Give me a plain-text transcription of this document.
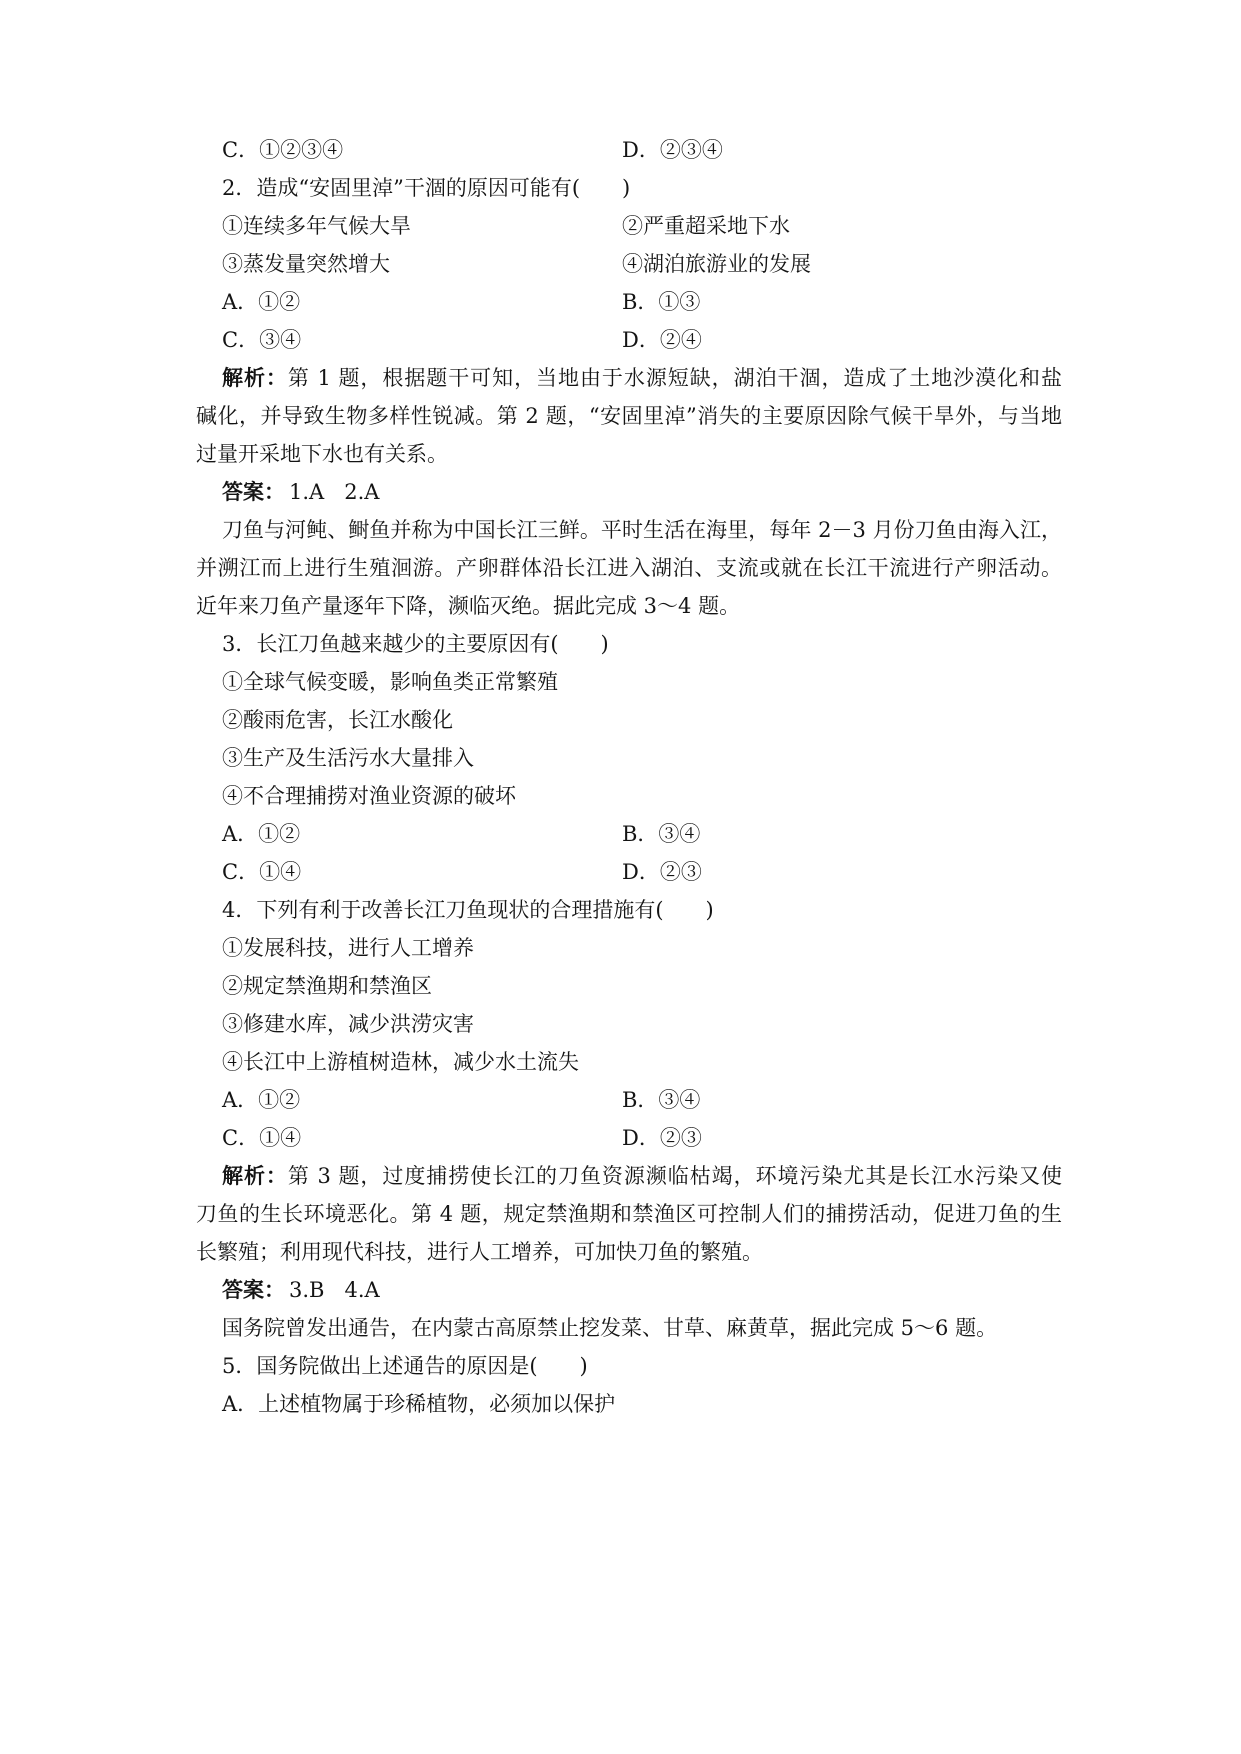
C．①②③④	D．②③④
2．造成“安固里淖”干涸的原因可能有(　　)
①连续多年气候大旱	②严重超采地下水
③蒸发量突然增大	④湖泊旅游业的发展
A．①②	B．①③
C．③④	D．②④
解析：第 1 题，根据题干可知，当地由于水源短缺，湖泊干涸，造成了土地沙漠化和盐
碱化，并导致生物多样性锐减。第 2 题，“安固里淖”消失的主要原因除气候干旱外，与当地
过量开采地下水也有关系。
答案： 1.A 2.A
刀鱼与河鲀、鲥鱼并称为中国长江三鲜。平时生活在海里，每年 2－3 月份刀鱼由海入江，
并溯江而上进行生殖洄游。产卵群体沿长江进入湖泊、支流或就在长江干流进行产卵活动。
近年来刀鱼产量逐年下降，濒临灭绝。据此完成 3～4 题。
3．长江刀鱼越来越少的主要原因有(　　)
①全球气候变暖，影响鱼类正常繁殖
②酸雨危害，长江水酸化
③生产及生活污水大量排入
④不合理捕捞对渔业资源的破坏
A．①②	B．③④
C．①④	D．②③
4．下列有利于改善长江刀鱼现状的合理措施有(　　)
①发展科技，进行人工增养
②规定禁渔期和禁渔区
③修建水库，减少洪涝灾害
④长江中上游植树造林，减少水土流失
A．①②	B．③④
C．①④	D．②③
解析：第 3 题，过度捕捞使长江的刀鱼资源濒临枯竭，环境污染尤其是长江水污染又使
刀鱼的生长环境恶化。第 4 题，规定禁渔期和禁渔区可控制人们的捕捞活动，促进刀鱼的生
长繁殖；利用现代科技，进行人工增养，可加快刀鱼的繁殖。
答案： 3.B 4.A
国务院曾发出通告，在内蒙古高原禁止挖发菜、甘草、麻黄草，据此完成 5～6 题。
5．国务院做出上述通告的原因是(　　)
A．上述植物属于珍稀植物，必须加以保护
